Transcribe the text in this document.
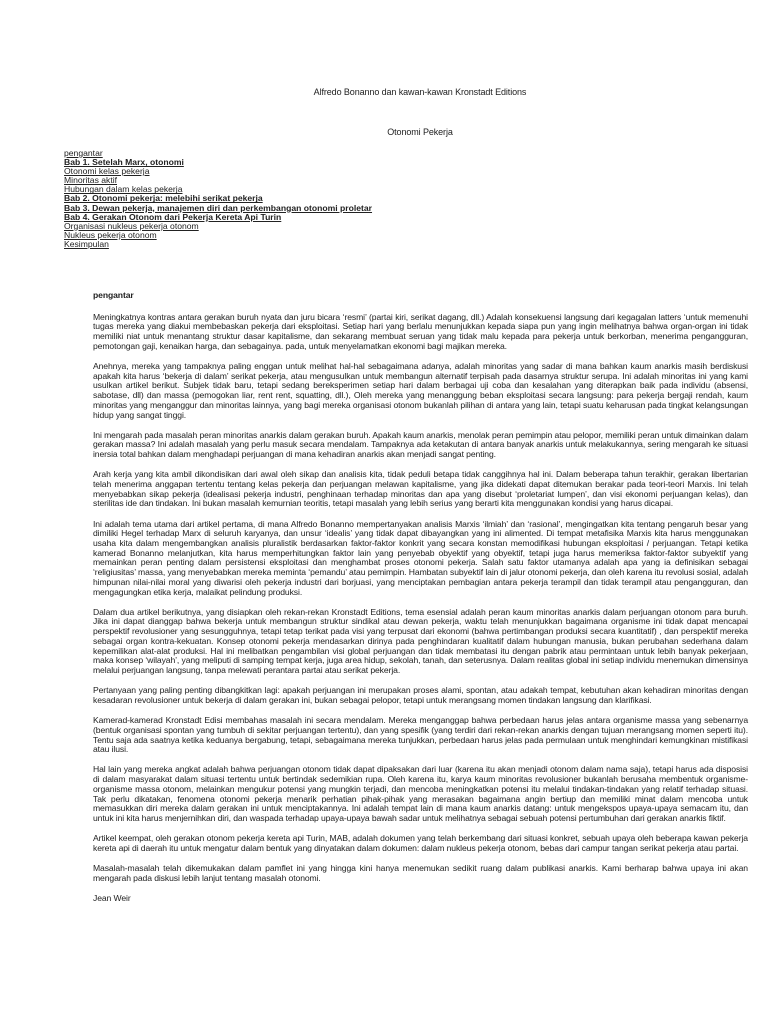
Alfredo Bonanno dan kawan-kawan Kronstadt Editions
Otonomi Pekerja
pengantar
Bab 1. Setelah Marx, otonomi
Otonomi kelas pekerja
Minoritas aktif
Hubungan dalam kelas pekerja
Bab 2. Otonomi pekerja: melebihi serikat pekerja
Bab 3. Dewan pekerja, manajemen diri dan perkembangan otonomi proletar
Bab 4. Gerakan Otonom dari Pekerja Kereta Api Turin
Organisasi nukleus pekerja otonom
Nukleus pekerja otonom
Kesimpulan
pengantar

Meningkatnya kontras antara gerakan buruh nyata dan juru bicara ‘resmi’ (partai kiri, serikat dagang, dll.) Adalah konsekuensi langsung dari kegagalan latters ‘untuk memenuhi tugas mereka yang diakui membebaskan pekerja dari eksploitasi. Setiap hari yang berlalu menunjukkan kepada siapa pun yang ingin melihatnya bahwa organ-organ ini tidak memiliki niat untuk menantang struktur dasar kapitalisme, dan sekarang membuat seruan yang tidak malu kepada para pekerja untuk berkorban, menerima pengangguran, pemotongan gaji, kenaikan harga, dan sebagainya. pada, untuk menyelamatkan ekonomi bagi majikan mereka.

Anehnya, mereka yang tampaknya paling enggan untuk melihat hal-hal sebagaimana adanya, adalah minoritas yang sadar di mana bahkan kaum anarkis masih berdiskusi apakah kita harus ‘bekerja di dalam’ serikat pekerja, atau mengusulkan untuk membangun alternatif terpisah pada dasarnya struktur serupa. Ini adalah minoritas ini yang kami usulkan artikel berikut. Subjek tidak baru, tetapi sedang bereksperimen setiap hari dalam berbagai uji coba dan kesalahan yang diterapkan baik pada individu (absensi, sabotase, dll) dan massa (pemogokan liar, rent rent, squatting, dll.), Oleh mereka yang menanggung beban eksploitasi secara langsung: para pekerja bergaji rendah, kaum minoritas yang menganggur dan minoritas lainnya, yang bagi mereka organisasi otonom bukanlah pilihan di antara yang lain, tetapi suatu keharusan pada tingkat kelangsungan hidup yang sangat tinggi.

Ini mengarah pada masalah peran minoritas anarkis dalam gerakan buruh. Apakah kaum anarkis, menolak peran pemimpin atau pelopor, memiliki peran untuk dimainkan dalam gerakan massa? Ini adalah masalah yang perlu masuk secara mendalam. Tampaknya ada ketakutan di antara banyak anarkis untuk melakukannya, sering mengarah ke situasi inersia total bahkan dalam menghadapi perjuangan di mana kehadiran anarkis akan menjadi sangat penting.

Arah kerja yang kita ambil dikondisikan dari awal oleh sikap dan analisis kita, tidak peduli betapa tidak canggihnya hal ini. Dalam beberapa tahun terakhir, gerakan libertarian telah menerima anggapan tertentu tentang kelas pekerja dan perjuangan melawan kapitalisme, yang jika didekati dapat ditemukan berakar pada teori-teori Marxis. Ini telah menyebabkan sikap pekerja (idealisasi pekerja industri, penghinaan terhadap minoritas dan apa yang disebut ‘proletariat lumpen’, dan visi ekonomi perjuangan kelas), dan sterilitas ide dan tindakan. Ini bukan masalah kemurnian teoritis, tetapi masalah yang lebih serius yang berarti kita menggunakan kondisi yang harus dicapai.

Ini adalah tema utama dari artikel pertama, di mana Alfredo Bonanno mempertanyakan analisis Marxis ‘ilmiah’ dan ‘rasional’, mengingatkan kita tentang pengaruh besar yang dimiliki Hegel terhadap Marx di seluruh karyanya, dan unsur ‘idealis’ yang tidak dapat dibayangkan yang ini alimented. Di tempat metafisika Marxis kita harus menggunakan usaha kita dalam mengembangkan analisis pluralistik berdasarkan faktor-faktor konkrit yang secara konstan memodifikasi hubungan eksploitasi / perjuangan. Tetapi ketika kamerad Bonanno melanjutkan, kita harus memperhitungkan faktor lain yang penyebab obyektif yang obyektif, tetapi juga harus memeriksa faktor-faktor subyektif yang memainkan peran penting dalam persistensi eksploitasi dan menghambat proses otonomi pekerja. Salah satu faktor utamanya adalah apa yang ia definisikan sebagai ‘religiusitas’ massa, yang menyebabkan mereka meminta ‘pemandu’ atau pemimpin. Hambatan subyektif lain di jalur otonomi pekerja, dan oleh karena itu revolusi sosial, adalah himpunan nilai-nilai moral yang diwarisi oleh pekerja industri dari borjuasi, yang menciptakan pembagian antara pekerja terampil dan tidak terampil atau pengangguran, dan mengagungkan etika kerja, malaikat pelindung produksi.

Dalam dua artikel berikutnya, yang disiapkan oleh rekan-rekan Kronstadt Editions, tema esensial adalah peran kaum minoritas anarkis dalam perjuangan otonom para buruh. Jika ini dapat dianggap bahwa bekerja untuk membangun struktur sindikal atau dewan pekerja, waktu telah menunjukkan bagaimana organisme ini tidak dapat mencapai perspektif revolusioner yang sesungguhnya, tetapi tetap terikat pada visi yang terpusat dari ekonomi (bahwa pertimbangan produksi secara kuantitatif) , dan perspektif mereka sebagai organ kontra-kekuatan. Konsep otonomi pekerja mendasarkan dirinya pada penghindaran kualitatif dalam hubungan manusia, bukan perubahan sederhana dalam kepemilikan alat-alat produksi. Hal ini melibatkan pengambilan visi global perjuangan dan tidak membatasi itu dengan pabrik atau permintaan untuk lebih banyak pekerjaan, maka konsep ‘wilayah’, yang meliputi di samping tempat kerja, juga area hidup, sekolah, tanah, dan seterusnya. Dalam realitas global ini setiap individu menemukan dimensinya melalui perjuangan langsung, tanpa melewati perantara partai atau serikat pekerja.

Pertanyaan yang paling penting dibangkitkan lagi: apakah perjuangan ini merupakan proses alami, spontan, atau adakah tempat, kebutuhan akan kehadiran minoritas dengan kesadaran revolusioner untuk bekerja di dalam gerakan ini, bukan sebagai pelopor, tetapi untuk merangsang momen tindakan langsung dan klarifikasi.

Kamerad-kamerad Kronstadt Edisi membahas masalah ini secara mendalam. Mereka menganggap bahwa perbedaan harus jelas antara organisme massa yang sebenarnya (bentuk organisasi spontan yang tumbuh di sekitar perjuangan tertentu), dan yang spesifik (yang terdiri dari rekan-rekan anarkis dengan tujuan merangsang momen seperti itu). Tentu saja ada saatnya ketika keduanya bergabung, tetapi, sebagaimana mereka tunjukkan, perbedaan harus jelas pada permulaan untuk menghindari kemungkinan mistifikasi atau ilusi.

Hal lain yang mereka angkat adalah bahwa perjuangan otonom tidak dapat dipaksakan dari luar (karena itu akan menjadi otonom dalam nama saja), tetapi harus ada disposisi di dalam masyarakat dalam situasi tertentu untuk bertindak sedemikian rupa. Oleh karena itu, karya kaum minoritas revolusioner bukanlah berusaha membentuk organisme-organisme massa otonom, melainkan mengukur potensi yang mungkin terjadi, dan mencoba meningkatkan potensi itu melalui tindakan-tindakan yang relatif terhadap situasi. Tak perlu dikatakan, fenomena otonomi pekerja menarik perhatian pihak-pihak yang merasakan bagaimana angin bertiup dan memiliki minat dalam mencoba untuk memasukkan diri mereka dalam gerakan ini untuk menciptakannya. Ini adalah tempat lain di mana kaum anarkis datang: untuk mengekspos upaya-upaya semacam itu, dan untuk ini kita harus menjernihkan diri, dan waspada terhadap upaya-upaya bawah sadar untuk melihatnya sebagai sebuah potensi pertumbuhan dari gerakan anarkis fiktif.

Artikel keempat, oleh gerakan otonom pekerja kereta api Turin, MAB, adalah dokumen yang telah berkembang dari situasi konkret, sebuah upaya oleh beberapa kawan pekerja kereta api di daerah itu untuk mengatur dalam bentuk yang dinyatakan dalam dokumen: dalam nukleus pekerja otonom, bebas dari campur tangan serikat pekerja atau partai.

Masalah-masalah telah dikemukakan dalam pamflet ini yang hingga kini hanya menemukan sedikit ruang dalam publikasi anarkis. Kami berharap bahwa upaya ini akan mengarah pada diskusi lebih lanjut tentang masalah otonomi.

Jean Weir
